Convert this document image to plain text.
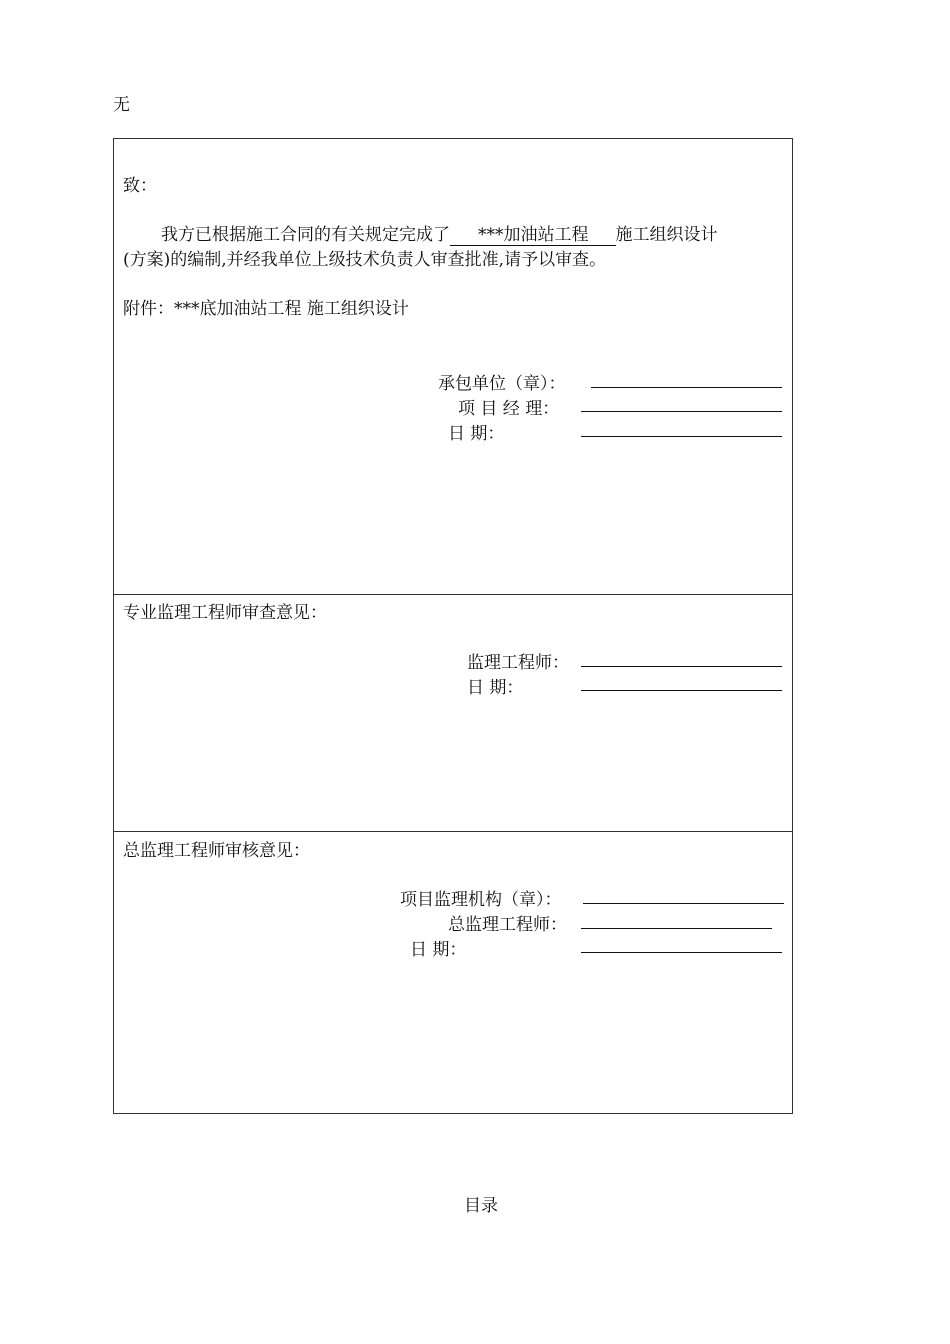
无
致：
我方已根据施工合同的有关规定完成了 ***加油站工程 施工组织设计
(方案)的编制,并经我单位上级技术负责人审查批准,请予以审查。
附件：***底加油站工程 施工组织设计
承包单位（章）：
项 目 经 理：
日 期：
专业监理工程师审查意见：
监理工程师：
日 期：
总监理工程师审核意见：
项目监理机构（章）：
总监理工程师：
日 期：
目录
